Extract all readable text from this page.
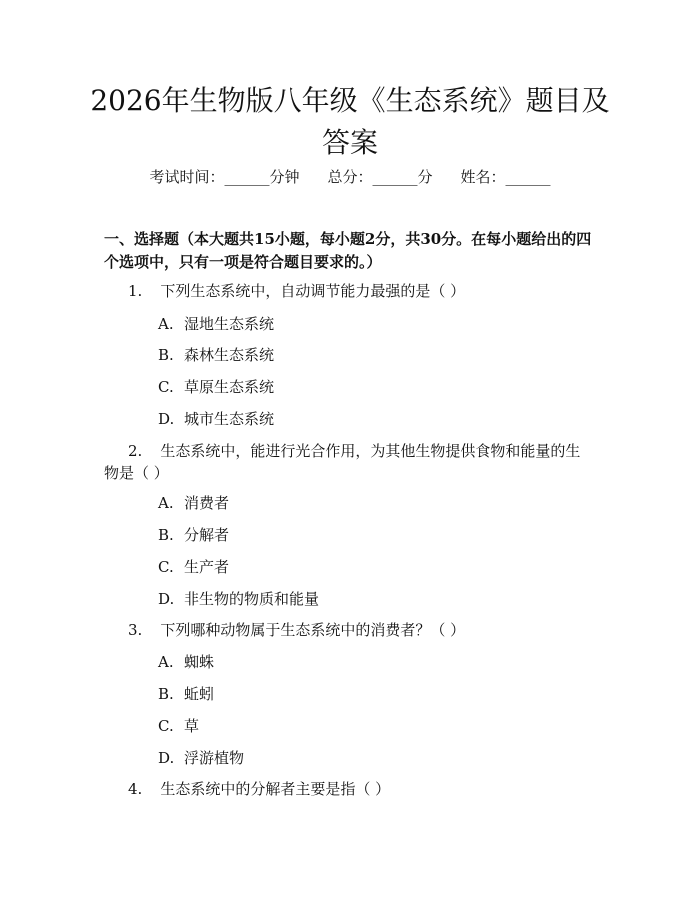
2026年生物版八年级《生态系统》题目及答案
考试时间：______分钟 总分：______分 姓名：______

一、选择题（本大题共15小题，每小题2分，共30分。在每小题给出的四个选项中，只有一项是符合题目要求的。）

1. 下列生态系统中，自动调节能力最强的是（ ）

A. 湿地生态系统
B. 森林生态系统
C. 草原生态系统
D. 城市生态系统

2. 生态系统中，能进行光合作用，为其他生物提供食物和能量的生物是（ ）

A. 消费者
B. 分解者
C. 生产者
D. 非生物的物质和能量

3. 下列哪种动物属于生态系统中的消费者？（ ）

A. 蜘蛛
B. 蚯蚓
C. 草
D. 浮游植物

4. 生态系统中的分解者主要是指（ ）
